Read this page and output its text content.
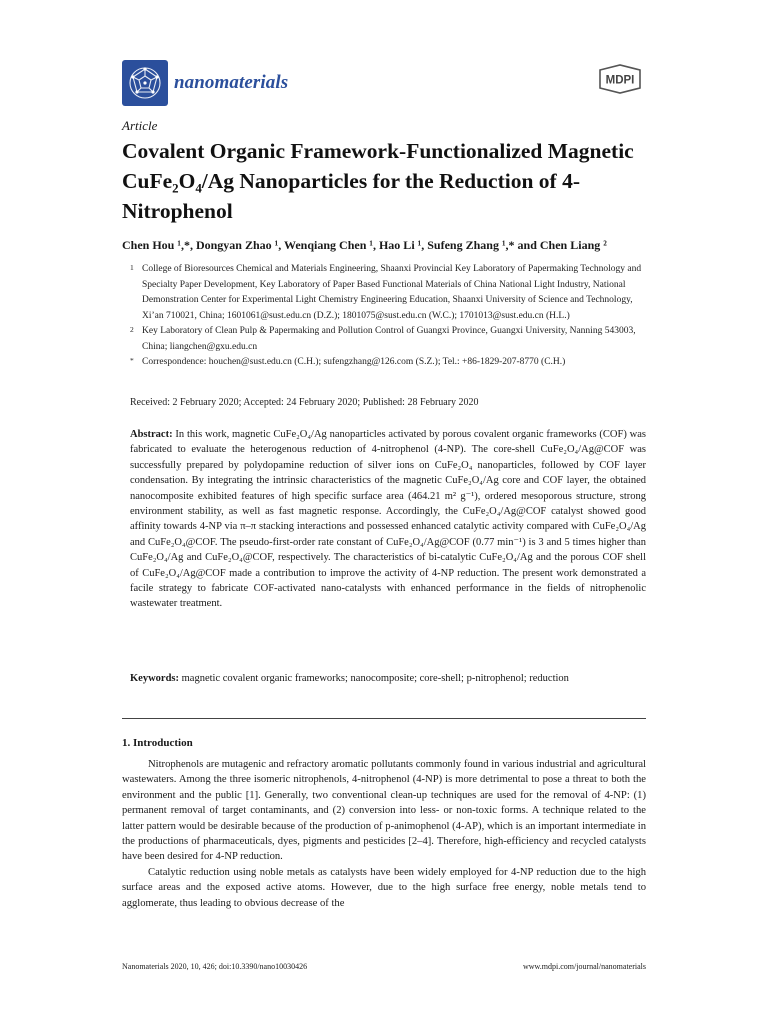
nanomaterials	MDPI
Article
Covalent Organic Framework-Functionalized Magnetic CuFe₂O₄/Ag Nanoparticles for the Reduction of 4-Nitrophenol
Chen Hou ¹,*, Dongyan Zhao ¹, Wenqiang Chen ¹, Hao Li ¹, Sufeng Zhang ¹,* and Chen Liang ²

1 College of Bioresources Chemical and Materials Engineering, Shaanxi Provincial Key Laboratory of Papermaking Technology and Specialty Paper Development, Key Laboratory of Paper Based Functional Materials of China National Light Industry, National Demonstration Center for Experimental Light Chemistry Engineering Education, Shaanxi University of Science and Technology, Xi’an 710021, China; 1601061@sust.edu.cn (D.Z.); 1801075@sust.edu.cn (W.C.); 1701013@sust.edu.cn (H.L.)

2 Key Laboratory of Clean Pulp & Papermaking and Pollution Control of Guangxi Province, Guangxi University, Nanning 543003, China; liangchen@gxu.edu.cn

* Correspondence: houchen@sust.edu.cn (C.H.); sufengzhang@126.com (S.Z.); Tel.: +86-1829-207-8770 (C.H.)

Received: 2 February 2020; Accepted: 24 February 2020; Published: 28 February 2020

Abstract: In this work, magnetic CuFe₂O₄/Ag nanoparticles activated by porous covalent organic frameworks (COF) was fabricated to evaluate the heterogenous reduction of 4-nitrophenol (4-NP). The core-shell CuFe₂O₄/Ag@COF was successfully prepared by polydopamine reduction of silver ions on CuFe₂O₄ nanoparticles, followed by COF layer condensation. By integrating the intrinsic characteristics of the magnetic CuFe₂O₄/Ag core and COF layer, the obtained nanocomposite exhibited features of high specific surface area (464.21 m² g⁻¹), ordered mesoporous structure, strong environment stability, as well as fast magnetic response. Accordingly, the CuFe₂O₄/Ag@COF catalyst showed good affinity towards 4-NP via π–π stacking interactions and possessed enhanced catalytic activity compared with CuFe₂O₄/Ag and CuFe₂O₄@COF. The pseudo-first-order rate constant of CuFe₂O₄/Ag@COF (0.77 min⁻¹) is 3 and 5 times higher than CuFe₂O₄/Ag and CuFe₂O₄@COF, respectively. The characteristics of bi-catalytic CuFe₂O₄/Ag and the porous COF shell of CuFe₂O₄/Ag@COF made a contribution to improve the activity of 4-NP reduction. The present work demonstrated a facile strategy to fabricate COF-activated nano-catalysts with enhanced performance in the fields of nitrophenolic wastewater treatment.

Keywords: magnetic covalent organic frameworks; nanocomposite; core-shell; p-nitrophenol; reduction

1. Introduction

Nitrophenols are mutagenic and refractory aromatic pollutants commonly found in various industrial and agricultural wastewaters. Among the three isomeric nitrophenols, 4-nitrophenol (4-NP) is more detrimental to pose a threat to both the environment and the public [1]. Generally, two conventional clean-up techniques are used for the removal of 4-NP: (1) permanent removal of target contaminants, and (2) conversion into less- or non-toxic forms. A technique related to the latter pattern would be desirable because of the production of p-animophenol (4-AP), which is an important intermediate in the productions of pharmaceuticals, dyes, pigments and pesticides [2–4]. Therefore, high-efficiency and recycled catalysts have been desired for 4-NP reduction.

Catalytic reduction using noble metals as catalysts have been widely employed for 4-NP reduction due to the high surface areas and the exposed active atoms. However, due to the high surface free energy, noble metals tend to agglomerate, thus leading to obvious decrease of the

Nanomaterials 2020, 10, 426; doi:10.3390/nano10030426	www.mdpi.com/journal/nanomaterials
